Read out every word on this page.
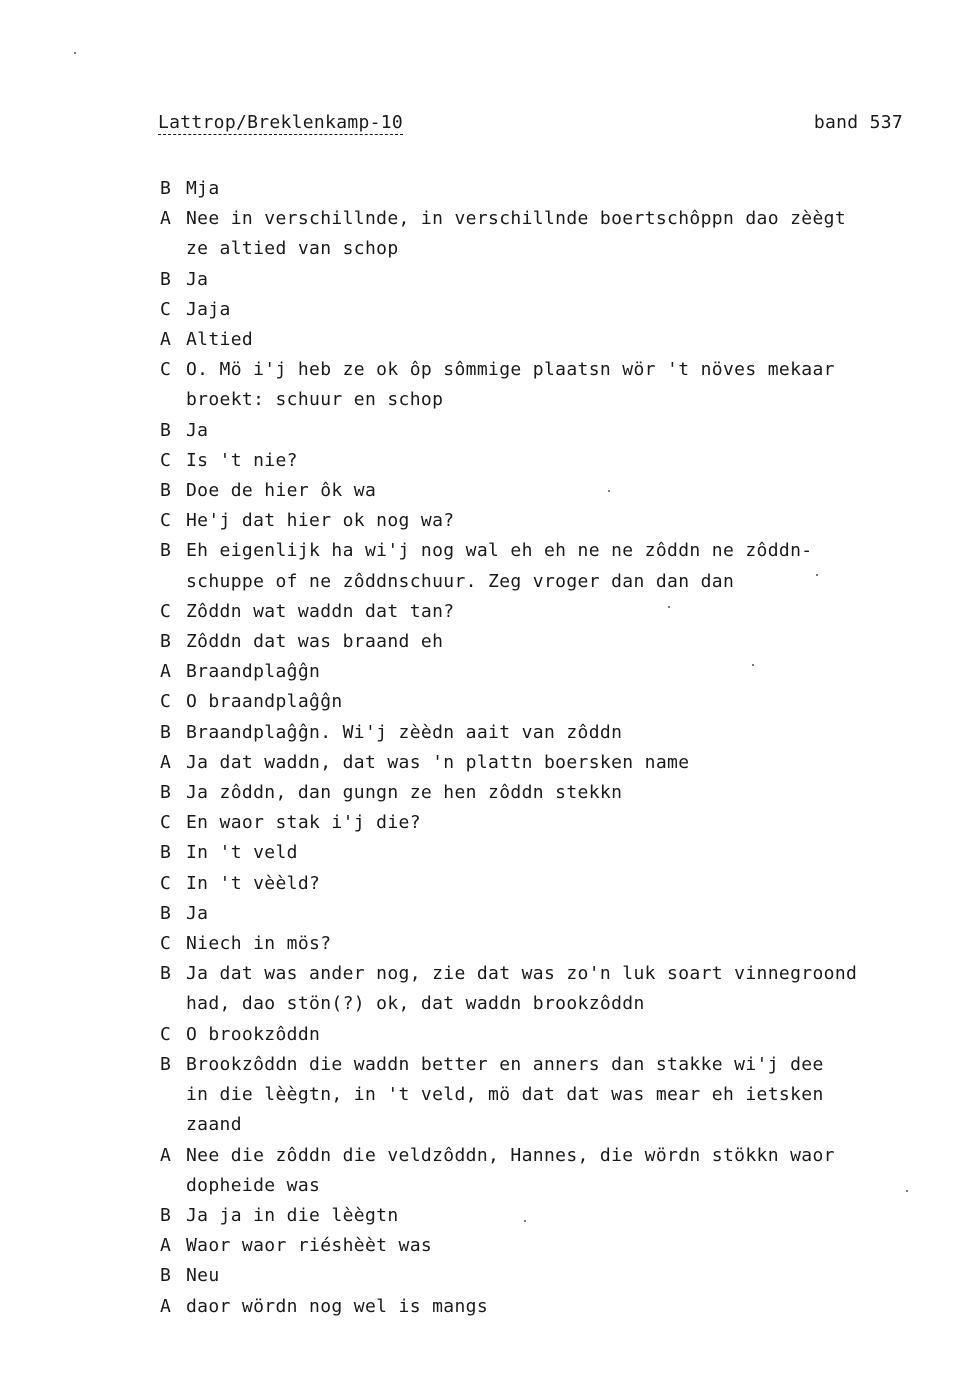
Lattrop/Breklenkamp-10	band 537
B Mja
A Nee in verschillnde, in verschillnde boertschôppn dao zèègt
ze altied van schop
B Ja
C Jaja
A Altied
C O. Mö i'j heb ze ok ôp sômmige plaatsn wör 't növes mekaar
broekt: schuur en schop
B Ja
C Is 't nie?
B Doe de hier ôk wa
C He'j dat hier ok nog wa?
B Eh eigenlijk ha wi'j nog wal eh eh ne ne zôddn ne zôddn-
schuppe of ne zôddnschuur. Zeg vroger dan dan dan
C Zôddn wat waddn dat tan?
B Zôddn dat was braand eh
A Braandplaĝĝn
C O braandplaĝĝn
B Braandplaĝĝn. Wi'j zèèdn aait van zôddn
A Ja dat waddn, dat was 'n plattn boersken name
B Ja zôddn, dan gungn ze hen zôddn stekkn
C En waor stak i'j die?
B In 't veld
C In 't vèèld?
B Ja
C Niech in mös?
B Ja dat was ander nog, zie dat was zo'n luk soart vinnegroond
had, dao stön(?) ok, dat waddn brookzôddn
C O brookzôddn
B Brookzôddn die waddn better en anners dan stakke wi'j dee
in die lèègtn, in 't veld, mö dat dat was mear eh ietsken
zaand
A Nee die zôddn die veldzôddn, Hannes, die wördn stökkn waor
dopheide was
B Ja ja in die lèègtn
A Waor waor riéshèèt was
B Neu
A daor wördn nog wel is mangs
